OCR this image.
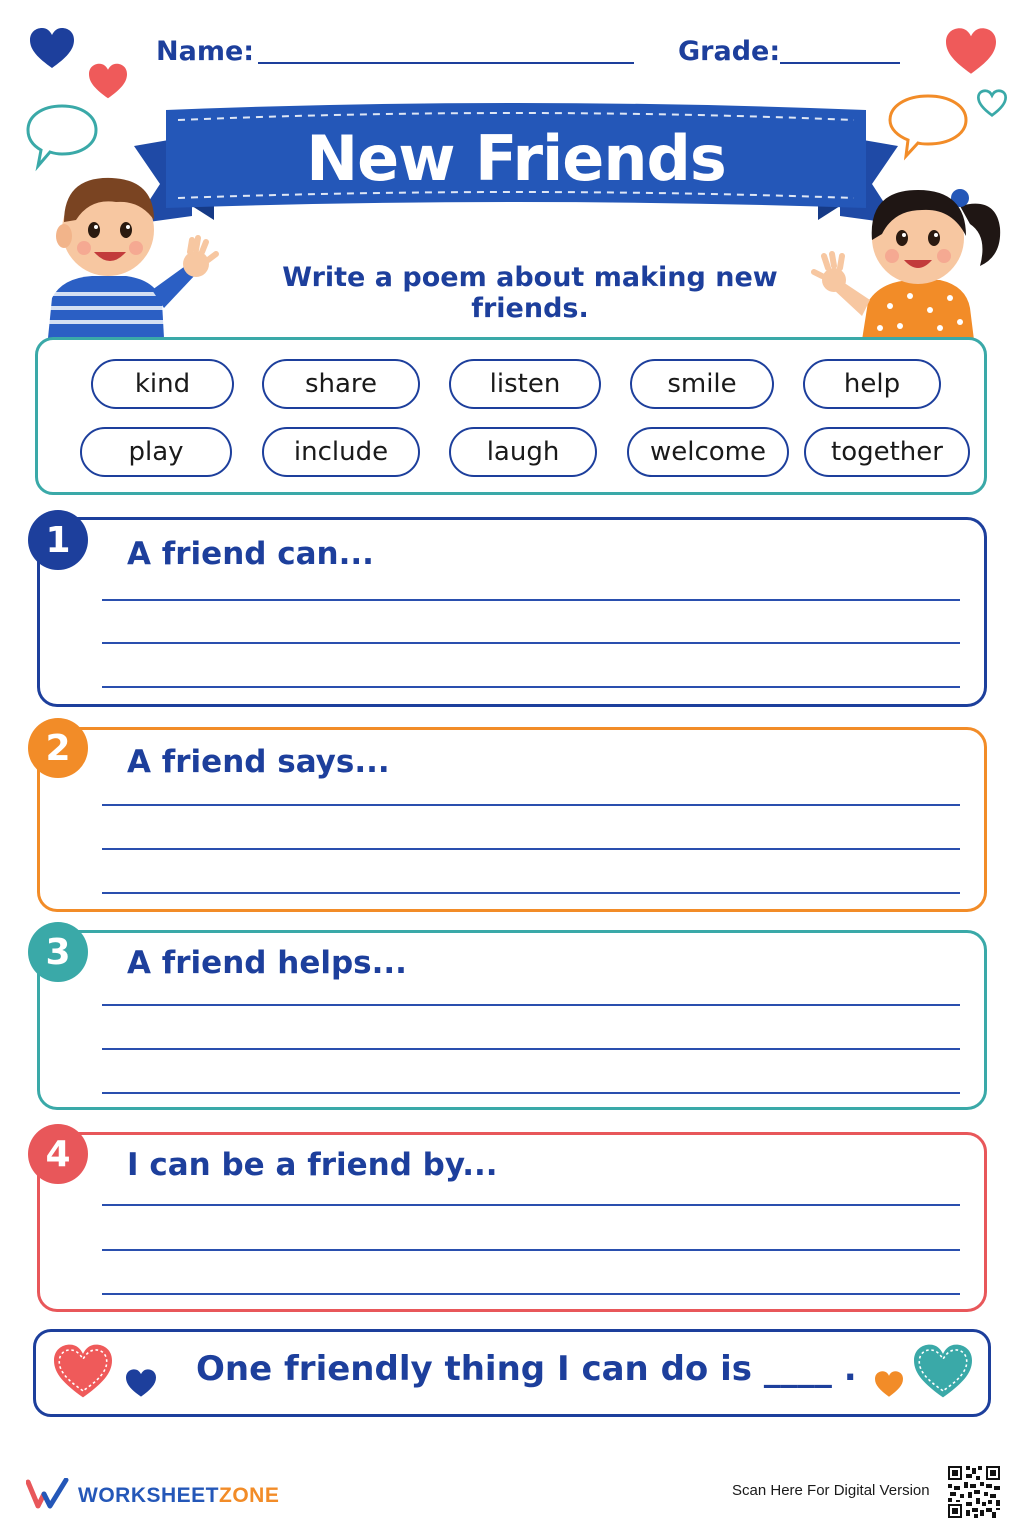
Name:	Grade:
New Friends Poem
Write a poem about making new friends.
kind	share	listen	smile	help
play	include	laugh	welcome	together
A friend can...
1
A friend says...
2
A friend helps...
3
I can be a friend by...
4
One friendly thing I can do is ____ .
WORKSHEETZONE	Scan Here For Digital Version
